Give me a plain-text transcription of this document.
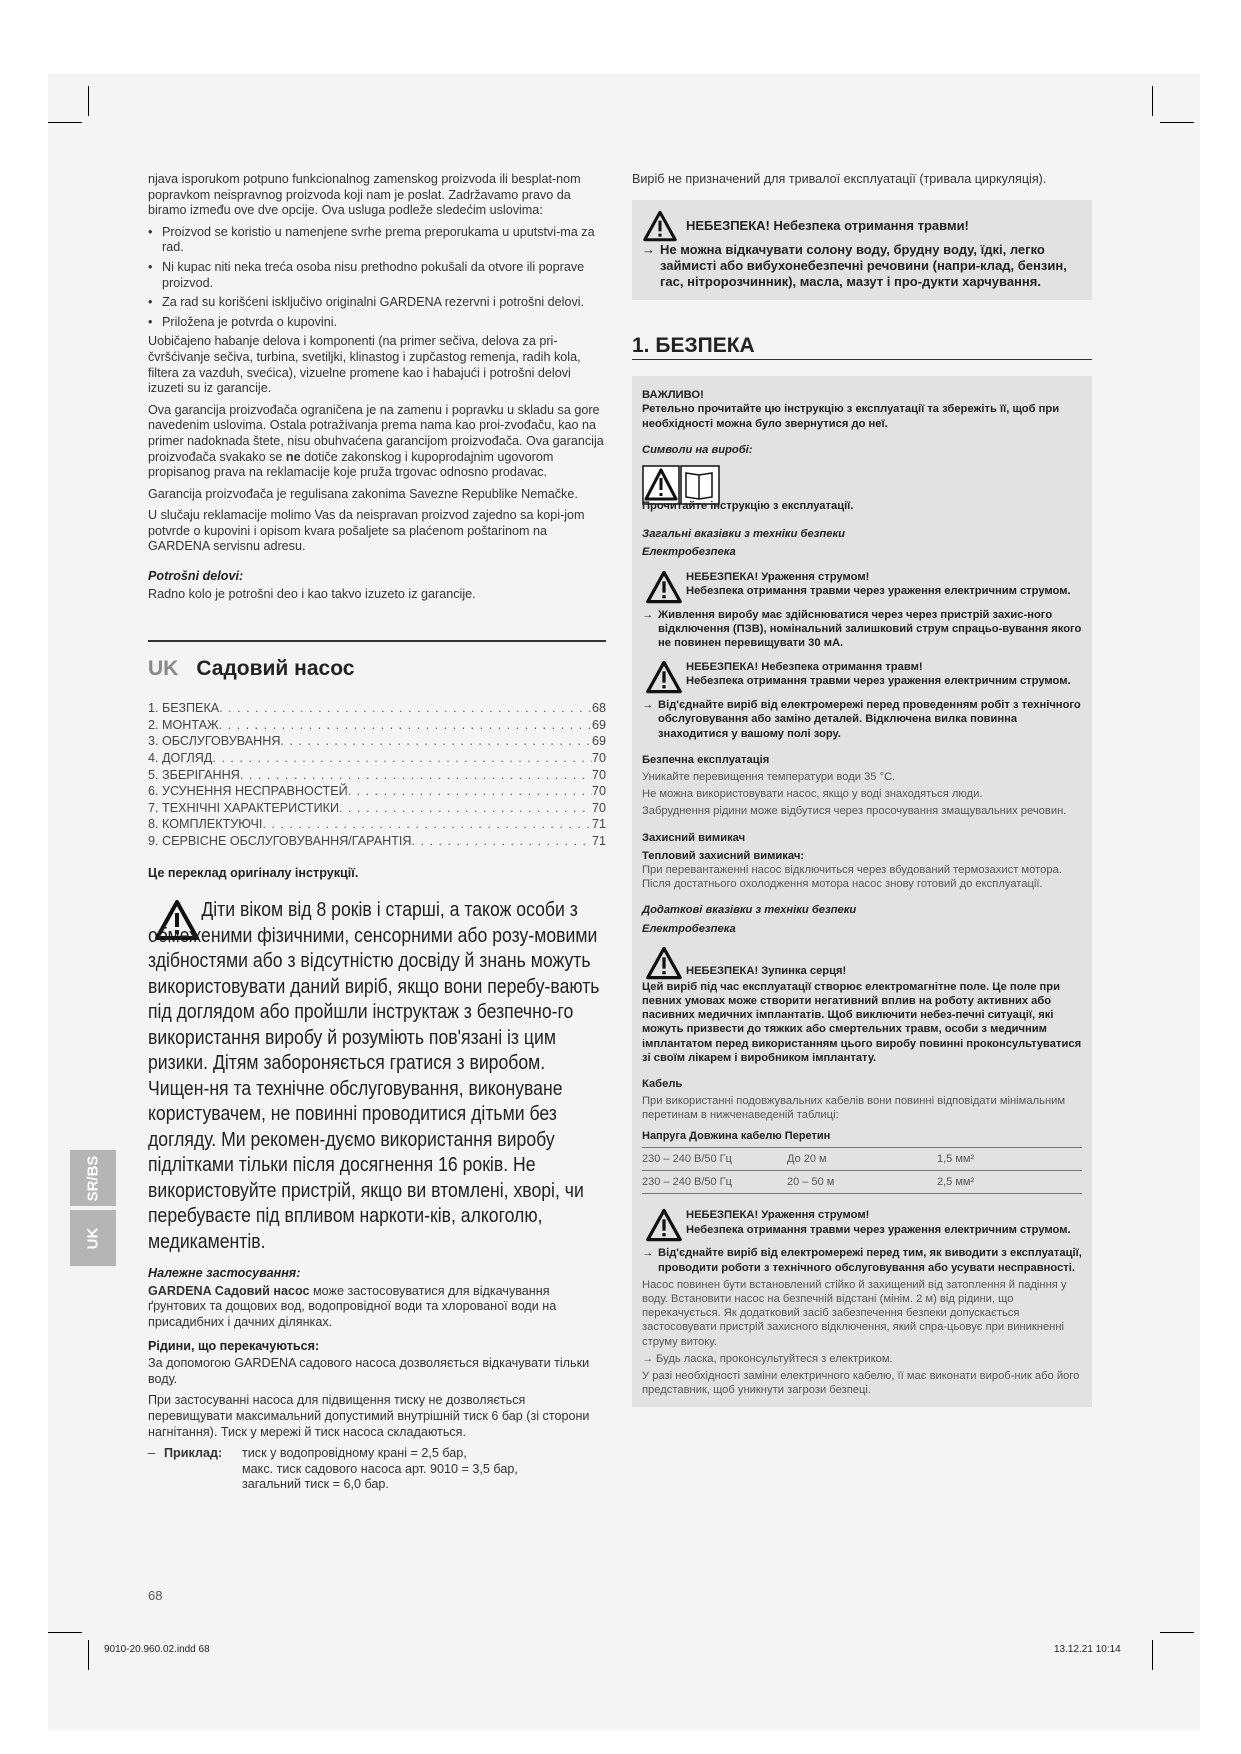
SR/BS
UK

njava isporukom potpuno funkcionalnog zamenskog proizvoda ili besplat-nom popravkom neispravnog proizvoda koji nam je poslat. Zadržavamo pravo da biramo između ove dve opcije. Ova usluga podleže sledećim uslovima:

• Proizvod se koristio u namenjene svrhe prema preporukama u uputstvi-ma za rad.
• Ni kupac niti neka treća osoba nisu prethodno pokušali da otvore ili poprave proizvod.
• Za rad su korišćeni isključivo originalni GARDENA rezervni i potrošni delovi.
• Priložena je potvrda o kupovini.

Uobičajeno habanje delova i komponenti (na primer sečiva, delova za pri-čvršćivanje sečiva, turbina, svetiljki, klinastog i zupčastog remenja, radih kola, filtera za vazduh, svećica), vizuelne promene kao i habajući i potrošni delovi izuzeti su iz garancije.

Ova garancija proizvođača ograničena je na zamenu i popravku u skladu sa gore navedenim uslovima. Ostala potraživanja prema nama kao proi-zvođaču, kao na primer nadoknada štete, nisu obuhvaćena garancijom proizvođača. Ova garancija proizvođača svakako se ne dotiče zakonskog i kupoprodajnim ugovorom propisanog prava na reklamacije koje pruža trgovac odnosno prodavac.

Garancija proizvođača je regulisana zakonima Savezne Republike Nemačke.

U slučaju reklamacije molimo Vas da neispravan proizvod zajedno sa kopi-jom potvrde o kupovini i opisom kvara pošaljete sa plaćenom poštarinom na GARDENA servisnu adresu.

Potrošni delovi:

Radno kolo je potrošni deo i kao takvo izuzeto iz garancije.

UK Садовий насос
1. БЕЗПЕКА . . .	68
2. МОНТАЖ . . .	69
3. ОБСЛУГОВУВАННЯ . . .	69
4. ДОГЛЯД . . .	70
5. ЗБЕРІГАННЯ . . .	70
6. УСУНЕННЯ НЕСПРАВНОСТЕЙ . . .	70
7. ТЕХНІЧНІ ХАРАКТЕРИСТИКИ . . .	70
8. КОМПЛЕКТУЮЧІ . . .	71
9. СЕРВІСНЕ ОБСЛУГОВУВАННЯ/ГАРАНТІЯ . . .	71

Це переклад оригіналу інструкції.

Діти віком від 8 років і старші, а також особи з обмеженими фізичними, сенсорними або розу-мовими здібностями або з відсутністю досвіду й знань можуть використовувати даний виріб, якщо вони перебу-вають під доглядом або пройшли інструктаж з безпечно-го використання виробу й розуміють пов'язані із цим ризики. Дітям забороняється гратися з виробом. Чищен-ня та технічне обслуговування, виконуване користувачем, не повинні проводитися дітьми без догляду. Ми рекомен-дуємо використання виробу підлітками тільки після досягнення 16 років. Не використовуйте пристрій, якщо ви втомлені, хворі, чи перебуваєте під впливом наркоти-ків, алкоголю, медикаментів.

Належне застосування:

GARDENA Садовий насос може застосовуватися для відкачування ґрунтових та дощових вод, водопровідної води та хлорованої води на присадибних і дачних ділянках.

Рідини, що перекачуються:

За допомогою GARDENA садового насоса дозволяється відкачувати тільки воду.

При застосуванні насоса для підвищення тиску не дозволяється перевищувати максимальний допустимий внутрішній тиск 6 бар (зі сторони нагнітання). Тиск у мережі й тиск насоса складаються.

– Приклад:	тиск у водопровідному крані = 2,5 бар,
макс. тиск садового насоса арт. 9010 = 3,5 бар,
загальний тиск = 6,0 бар.

Виріб не призначений для тривалої експлуатації (тривала циркуляція).

НЕБЕЗПЕКА! Небезпека отримання травми!
→ Не можна відкачувати солону воду, брудну воду, їдкі, легко займисті або вибухонебезпечні речовини (напри-клад, бензин, гас, нітророзчинник), масла, мазут і про-дукти харчування.
1. БЕЗПЕКА
ВАЖЛИВО!
Ретельно прочитайте цю інструкцію з експлуатації та збережіть її, щоб при необхідності можна було звернутися до неї.
Символи на виробі:
Прочитайте інструкцію з експлуатації.
Загальні вказівки з техніки безпеки
Електробезпека
НЕБЕЗПЕКА! Ураження струмом!
Небезпека отримання травми через ураження електричним струмом.
→ Живлення виробу має здійснюватися через через пристрій захис-ного відключення (ПЗВ), номінальний залишковий струм спрацьо-вування якого не повинен перевищувати 30 мА.
НЕБЕЗПЕКА! Небезпека отримання травм!
Небезпека отримання травми через ураження електричним струмом.
→ Від'єднайте виріб від електромережі перед проведенням робіт з технічного обслуговування або заміно деталей. Відключена вилка повинна знаходитися у вашому полі зору.
Безпечна експлуатація
Уникайте перевищення температури води 35 °C.
Не можна використовувати насос, якщо у воді знаходяться люди.
Забруднення рідини може відбутися через просочування змащувальних речовин.
Захисний вимикач
Тепловий захисний вимикач:
При перевантаженні насос відключиться через вбудований термозахист мотора. Після достатнього охолодження мотора насос знову готовий до експлуатації.
Додаткові вказівки з техніки безпеки
Електробезпека
НЕБЕЗПЕКА! Зупинка серця!
Цей виріб під час експлуатації створює електромагнітне поле. Це поле при певних умовах може створити негативний вплив на роботу активних або пасивних медичних імплантатів. Щоб виключити небез-печні ситуації, які можуть призвести до тяжких або смертельних травм, особи з медичним імплантатом перед використанням цього виробу повинні проконсультуватися зі своїм лікарем і виробником імплантату.
Кабель
При використанні подовжувальних кабелів вони повинні відповідати мінімальним перетинам в нижченаведеній таблиці:
Напруга Довжина кабелю Перетин
230 – 240 В/50 Гц	До 20 м	1,5 мм²
230 – 240 В/50 Гц	20 – 50 м	2,5 мм²
НЕБЕЗПЕКА! Ураження струмом!
Небезпека отримання травми через ураження електричним струмом.
→ Від'єднайте виріб від електромережі перед тим, як виводити з експлуатації, проводити роботи з технічного обслуговування або усувати несправності.
Насос повинен бути встановлений стійко й захищений від затоплення й падіння у воду. Встановити насос на безпечній відстані (мінім. 2 м) від рідини, що перекачується. Як додатковий засіб забезпечення безпеки допускається застосовувати пристрій захисного відключення, який спра-цьовує при виникненні струму витоку.
→ Будь ласка, проконсультуйтеся з електриком.
У разі необхідності заміни електричного кабелю, її має виконати вироб-ник або його представник, щоб уникнути загрози безпеці.
68
9010-20.960.02.indd 68	13.12.21 10:14
